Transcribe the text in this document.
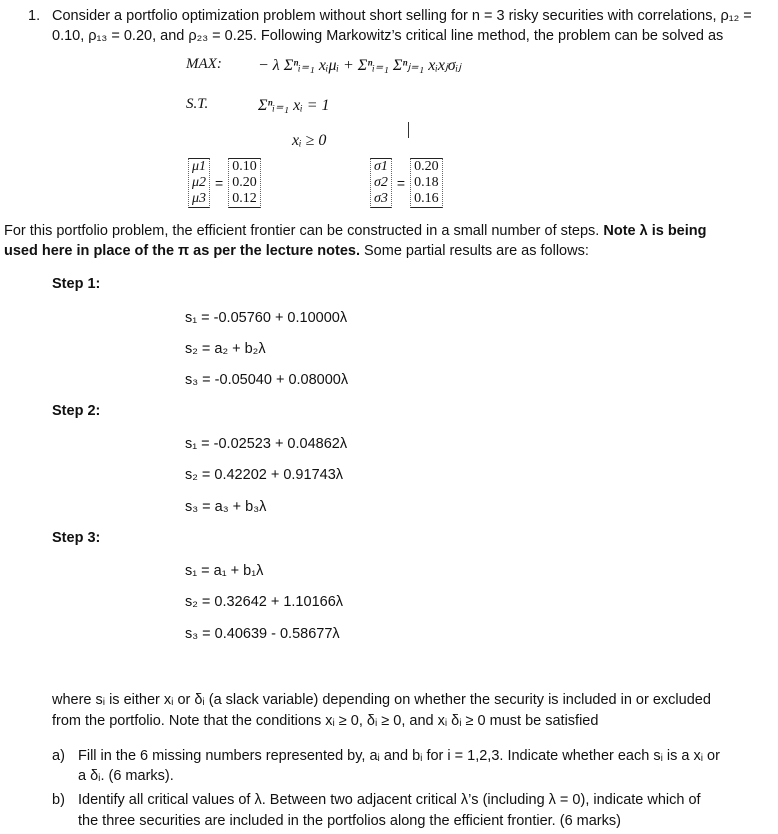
1. Consider a portfolio optimization problem without short selling for n = 3 risky securities with correlations, ρ₁₂ =
0.10, ρ₁₃ = 0.20, and ρ₂₃ = 0.25. Following Markowitz’s critical line method, the problem can be solved as
MAX: − λ Σⁿᵢ₌₁ xᵢμᵢ + Σⁿᵢ₌₁ Σⁿⱼ₌₁ xᵢxⱼσᵢⱼ
S.T.	Σⁿᵢ₌₁ xᵢ = 1
xᵢ ≥ 0
μ1
μ2
μ3
=
0.10
0.20
0.12
σ1
σ2
σ3
=
0.20
0.18
0.16
For this portfolio problem, the efficient frontier can be constructed in a small number of steps. Note λ is being
used here in place of the π as per the lecture notes. Some partial results are as follows:
Step 1:
s₁ = -0.05760 + 0.10000λ
s₂ = a₂ + b₂λ
s₃ = -0.05040 + 0.08000λ
Step 2:
s₁ = -0.02523 + 0.04862λ
s₂ = 0.42202 + 0.91743λ
s₃ = a₃ + b₃λ
Step 3:
s₁ = a₁ + b₁λ
s₂ = 0.32642 + 1.10166λ
s₃ = 0.40639 - 0.58677λ
where sᵢ is either xᵢ or δᵢ (a slack variable) depending on whether the security is included in or excluded
from the portfolio. Note that the conditions xᵢ ≥ 0, δᵢ ≥ 0, and xᵢ δᵢ ≥ 0 must be satisfied
a) Fill in the 6 missing numbers represented by, aᵢ and bᵢ for i = 1,2,3. Indicate whether each sᵢ is a xᵢ or
a δᵢ. (6 marks).
b) Identify all critical values of λ. Between two adjacent critical λ’s (including λ = 0), indicate which of
the three securities are included in the portfolios along the efficient frontier. (6 marks)
